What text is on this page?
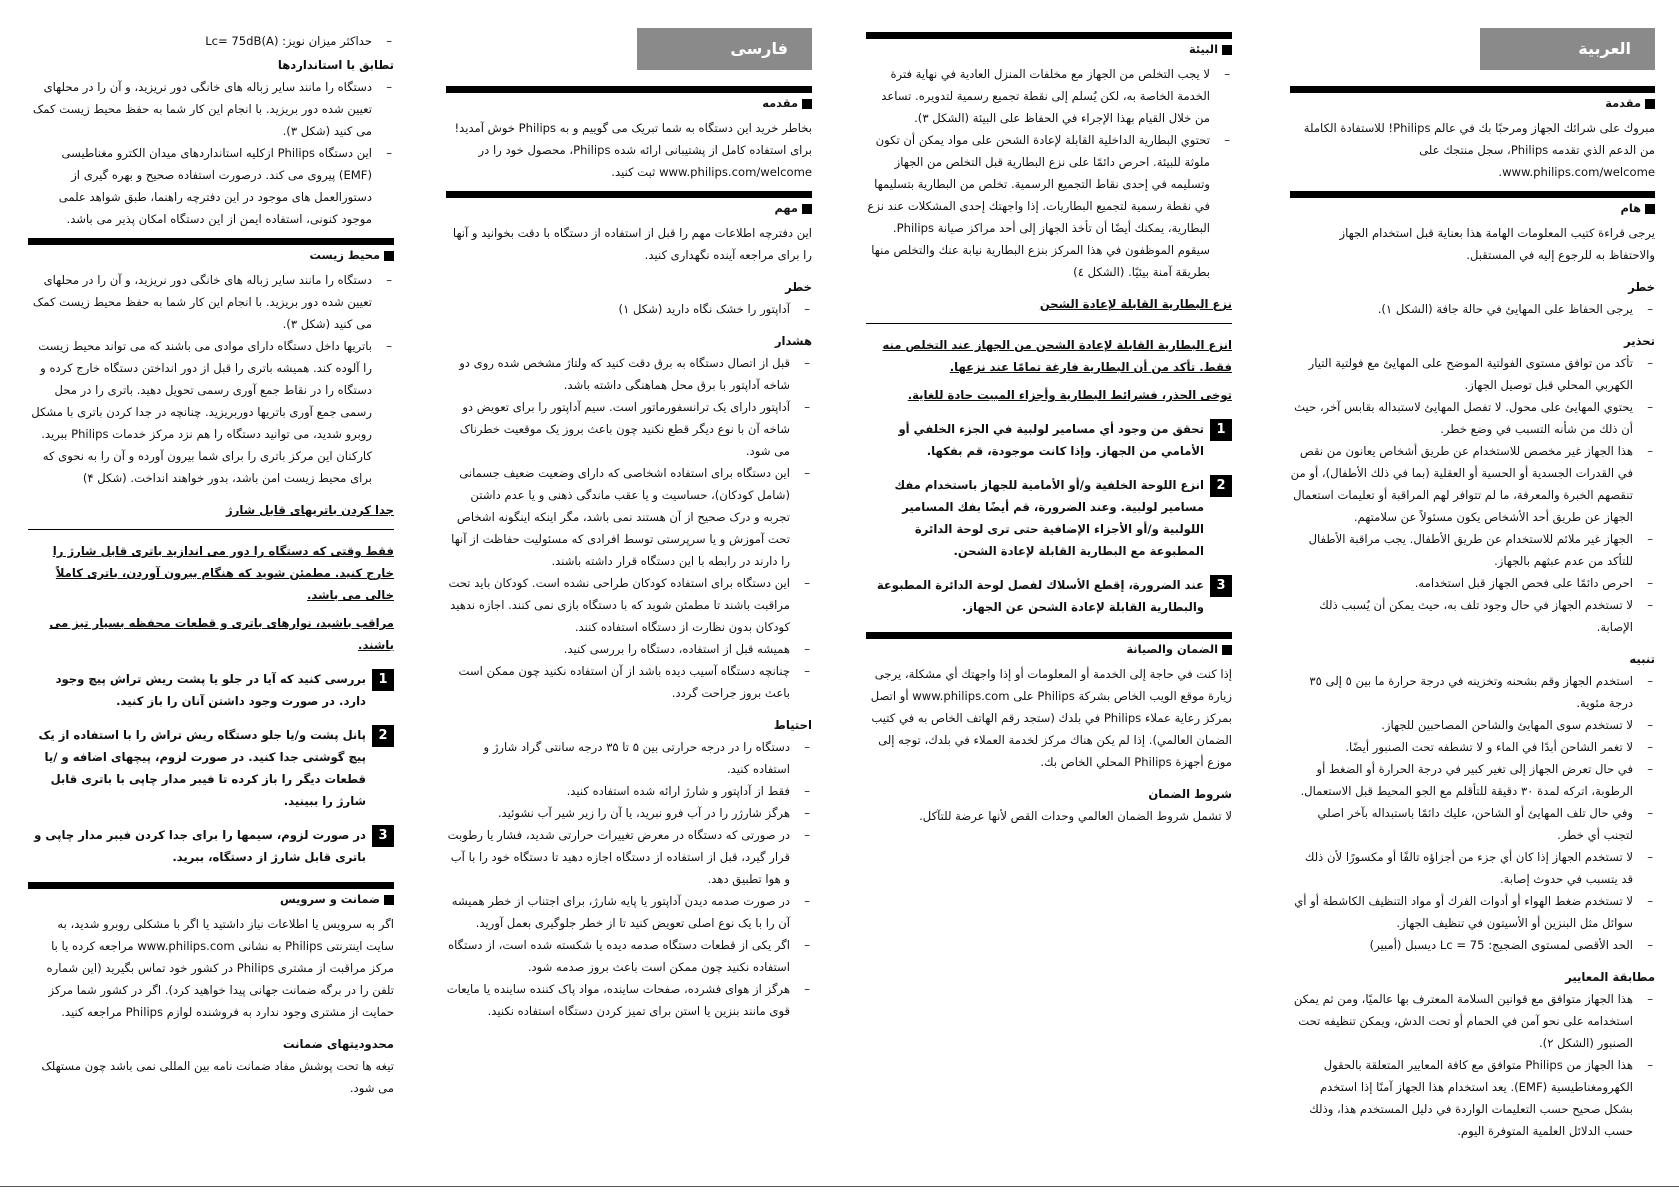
العربية
مقدمة
مبروك على شرائك الجهاز ومرحبًا بك في عالم Philips! للاستفادة الكاملة من الدعم الذي تقدمه Philips، سجل منتجك على www.philips.com/welcome.
هام
يرجى قراءة كتيب المعلومات الهامة هذا بعناية قبل استخدام الجهاز والاحتفاظ به للرجوع إليه في المستقبل.
خطر
– يرجى الحفاظ على المهايئ في حالة جافة (الشكل ١).
تحذير
– تأكد من توافق مستوى الفولتية الموضح على المهايئ مع فولتية التيار الكهربي المحلي قبل توصيل الجهاز.
– يحتوي المهايئ على محول. لا تفصل المهايئ لاستبداله بقابس آخر، حيث أن ذلك من شأنه التسبب في وضع خطر.
– هذا الجهاز غير مخصص للاستخدام عن طريق أشخاص يعانون من نقص في القدرات الجسدية أو الحسية أو العقلية (بما في ذلك الأطفال)، أو من تنقصهم الخبرة والمعرفة، ما لم تتوافر لهم المراقبة أو تعليمات استعمال الجهاز عن طريق أحد الأشخاص يكون مسئولاً عن سلامتهم.
– الجهاز غير ملائم للاستخدام عن طريق الأطفال. يجب مراقبة الأطفال للتأكد من عدم عبثهم بالجهاز.
– احرص دائمًا على فحص الجهاز قبل استخدامه.
– لا تستخدم الجهاز في حال وجود تلف به، حيث يمكن أن يُسبب ذلك الإصابة.
تنبيه
– استخدم الجهاز وقم بشحنه وتخزينه في درجة حرارة ما بين ٥ إلى ٣٥ درجة مئوية.
– لا تستخدم سوى المهايئ والشاحن المصاحبين للجهاز.
– لا تغمر الشاحن أبدًا في الماء و لا تشطفه تحت الصنبور أيضًا.
– في حال تعرض الجهاز إلى تغير كبير في درجة الحرارة أو الضغط أو الرطوبة، اتركه لمدة ٣٠ دقيقة للتأقلم مع الجو المحيط قبل الاستعمال.
– وفي حال تلف المهايئ أو الشاحن، عليك دائمًا باستبداله بآخر اصلي لتجنب أي خطر.
– لا تستخدم الجهاز إذا كان أي جزء من أجزاؤه تالفًا أو مكسورًا لأن ذلك قد يتسبب في حدوث إصابة.
– لا تستخدم ضغط الهواء أو أدوات الفرك أو مواد التنظيف الكاشطة أو أي سوائل مثل البنزين أو الأسيتون في تنظيف الجهاز.
– الحد الأقصى لمستوى الضجيج: Lc = 75 ديسبل (أمبير)
مطابقة المعايير
– هذا الجهاز متوافق مع قوانين السلامة المعترف بها عالميًا، ومن ثم يمكن استخدامه على نحو آمن في الحمام أو تحت الدش، ويمكن تنظيفه تحت الصنبور (الشكل ٢).
– هذا الجهاز من Philips متوافق مع كافة المعايير المتعلقة بالحقول الكهرومغناطيسية (EMF). يعد استخدام هذا الجهاز آمنًا إذا استخدم بشكل صحيح حسب التعليمات الواردة في دليل المستخدم هذا، وذلك حسب الدلائل العلمية المتوفرة اليوم.
البيئة
– لا يجب التخلص من الجهاز مع مخلفات المنزل العادية في نهاية فترة الخدمة الخاصة به، لكن يُسلم إلى نقطة تجميع رسمية لتدويره. تساعد من خلال القيام بهذا الإجراء في الحفاظ على البيئة (الشكل ٣).
– تحتوي البطارية الداخلية القابلة لإعادة الشحن على مواد يمكن أن تكون ملوثة للبيئة. احرص دائمًا على نزع البطارية قبل التخلص من الجهاز وتسليمه في إحدى نقاط التجميع الرسمية. تخلص من البطارية بتسليمها في نقطة رسمية لتجميع البطاريات. إذا واجهتك إحدى المشكلات عند نزع البطارية، يمكنك أيضًا أن تأخذ الجهاز إلى أحد مراكز صيانة Philips. سيقوم الموظفون في هذا المركز بنزع البطارية نيابة عنك والتخلص منها بطريقة آمنة بيئيًا. (الشكل ٤)
نزع البطارية القابلة لإعادة الشحن
انزع البطارية القابلة لإعادة الشحن من الجهاز عند التخلص منه فقط. تأكد من أن البطارية فارغة تمامًا عند نزعها.
توخى الحذر، فشرائط البطارية وأجزاء المبيت حادة للغاية.
1
تحقق من وجود أي مسامير لولبية في الجزء الخلفي أو الأمامي من الجهاز. وإذا كانت موجودة، قم بفكها.
2
انزع اللوحة الخلفية و/أو الأمامية للجهاز باستخدام مفك مسامير لولبية. وعند الضرورة، قم أيضًا بفك المسامير اللولبية و/أو الأجزاء الإضافية حتى ترى لوحة الدائرة المطبوعة مع البطارية القابلة لإعادة الشحن.
3
عند الضرورة، إقطع الأسلاك لفصل لوحة الدائرة المطبوعة والبطارية القابلة لإعادة الشحن عن الجهاز.
الضمان والصيانة
إذا كنت في حاجة إلى الخدمة أو المعلومات أو إذا واجهتك أي مشكلة، يرجى زيارة موقع الويب الخاص بشركة Philips على www.philips.com أو اتصل بمركز رعاية عملاء Philips في بلدك (ستجد رقم الهاتف الخاص به في كتيب الضمان العالمي). إذا لم يكن هناك مركز لخدمة العملاء في بلدك، توجه إلى موزع أجهزة Philips المحلي الخاص بك.
شروط الضمان
لا تشمل شروط الضمان العالمي وحدات القص لأنها عرضة للتآكل.
فارسی
مقدمه
بخاطر خرید این دستگاه به شما تبریک می گوییم و به Philips خوش آمدید! برای استفاده کامل از پشتیبانی ارائه شده Philips، محصول خود را در www.philips.com/welcome ثبت کنید.
مهم
این دفترچه اطلاعات مهم را قبل از استفاده از دستگاه با دقت بخوانید و آنها را برای مراجعه آینده نگهداری کنید.
خطر
– آداپتور را خشک نگاه دارید (شکل ۱)
هشدار
– قبل از اتصال دستگاه به برق دقت کنید که ولتاژ مشخص شده روی دو شاخه آداپتور با برق محل هماهنگی داشته باشد.
– آداپتور دارای یک ترانسفورماتور است. سیم آداپتور را برای تعویض دو شاخه آن با نوع دیگر قطع نکنید چون باعث بروز یک موقعیت خطرناک می شود.
– این دستگاه برای استفاده اشخاصی که دارای وضعیت ضعیف جسمانی (شامل کودکان)، حساسیت و یا عقب ماندگی ذهنی و یا عدم داشتن تجربه و درک صحیح از آن هستند نمی باشد، مگر اینکه اینگونه اشخاص تحت آموزش و یا سرپرستی توسط افرادی که مسئولیت حفاظت از آنها را دارند در رابطه با این دستگاه قرار داشته باشند.
– این دستگاه برای استفاده کودکان طراحی نشده است. کودکان باید تحت مراقبت باشند تا مطمئن شوید که با دستگاه بازی نمی کنند. اجازه ندهید کودکان بدون نظارت از دستگاه استفاده کنند.
– همیشه قبل از استفاده، دستگاه را بررسی کنید.
– چنانچه دستگاه آسیب دیده باشد از آن استفاده نکنید چون ممکن است باعث بروز جراحت گردد.
احتیاط
– دستگاه را در درجه حرارتی بین ۵ تا ۳۵ درجه سانتی گراد شارژ و استفاده کنید.
– فقط از آداپتور و شارژ ارائه شده استفاده کنید.
– هرگز شارژر را در آب فرو نبرید، یا آن را زیر شیر آب نشوئید.
– در صورتی که دستگاه در معرض تغییرات حرارتی شدید، فشار یا رطوبت قرار گیرد، قبل از استفاده از دستگاه اجازه دهید تا دستگاه خود را با آب و هوا تطبیق دهد.
– در صورت صدمه دیدن آداپتور یا پایه شارژ، برای اجتناب از خطر همیشه آن را با یک نوع اصلی تعویض کنید تا از خطر جلوگیری بعمل آورید.
– اگر یکی از قطعات دستگاه صدمه دیده یا شکسته شده است، از دستگاه استفاده نکنید چون ممکن است باعث بروز صدمه شود.
– هرگز از هوای فشرده، صفحات ساینده، مواد پاک کننده ساینده یا مایعات قوی مانند بنزین یا استن برای تمیز کردن دستگاه استفاده نکنید.
– حداکثر میزان نویز: Lc= 75dB(A)
تطابق با استانداردها
– دستگاه را مانند سایر زباله های خانگی دور نریزید، و آن را در محلهای تعیین شده دور بریزید. با انجام این کار شما به حفظ محیط زیست کمک می کنید (شکل ۳).
– این دستگاه Philips ازکلیه استانداردهای میدان الکترو مغناطیسی (EMF) پیروی می کند. درصورت استفاده صحیح و بهره گیری از دستورالعمل های موجود در این دفترچه راهنما، طبق شواهد علمی موجود کنونی، استفاده ایمن از این دستگاه امکان پذیر می باشد.
محیط زیست
– دستگاه را مانند سایر زباله های خانگی دور نریزید، و آن را در محلهای تعیین شده دور بریزید. با انجام این کار شما به حفظ محیط زیست کمک می کنید (شکل ۳).
– باتریها داخل دستگاه دارای موادی می باشند که می تواند محیط زیست را آلوده کند. همیشه باتری را قبل از دور انداختن دستگاه خارج کرده و دستگاه را در نقاط جمع آوری رسمی تحویل دهید. باتری را در محل رسمی جمع آوری باتریها دوربریزید. چنانچه در جدا کردن باتری با مشکل روبرو شدید، می توانید دستگاه را هم نزد مرکز خدمات Philips ببرید. کارکنان این مرکز باتری را برای شما بیرون آورده و آن را به نحوی که برای محیط زیست امن باشد، بدور خواهند انداخت. (شکل ۴)
جدا کردن باتریهای قابل شارژ
فقط وقتی که دستگاه را دور می اندازید باتری قابل شارژ را خارج کنید. مطمئن شوید که هنگام بیرون آوردن، باتری کاملاً خالی می باشد.
مراقب باشید، نوارهای باتری و قطعات محفظه بسیار تیز می باشند.
1
بررسی کنید که آیا در جلو یا پشت ریش تراش پیچ وجود دارد. در صورت وجود داشتن آنان را باز کنید.
2
پانل پشت و/یا جلو دستگاه ریش تراش را با استفاده از یک پیچ گوشتی جدا کنید. در صورت لزوم، پیچهای اضافه و /یا قطعات دیگر را باز کرده تا فیبر مدار چاپی با باتری قابل شارژ را ببینید.
3
در صورت لزوم، سیمها را برای جدا کردن فیبر مدار چاپی و باتری قابل شارژ از دستگاه، ببرید.
ضمانت و سرویس
اگر به سرویس یا اطلاعات نیاز داشتید یا اگر با مشکلی روبرو شدید، به سایت اینترنتی Philips به نشانی www.philips.com مراجعه کرده یا با مرکز مراقبت از مشتری Philips در کشور خود تماس بگیرید (این شماره تلفن را در برگه ضمانت جهانی پیدا خواهید کرد). اگر در کشور شما مرکز حمایت از مشتری وجود ندارد به فروشنده لوازم Philips مراجعه کنید.
محدودیتهای ضمانت
تیغه ها تحت پوشش مفاد ضمانت نامه بین المللی نمی باشد چون مستهلک می شود.
